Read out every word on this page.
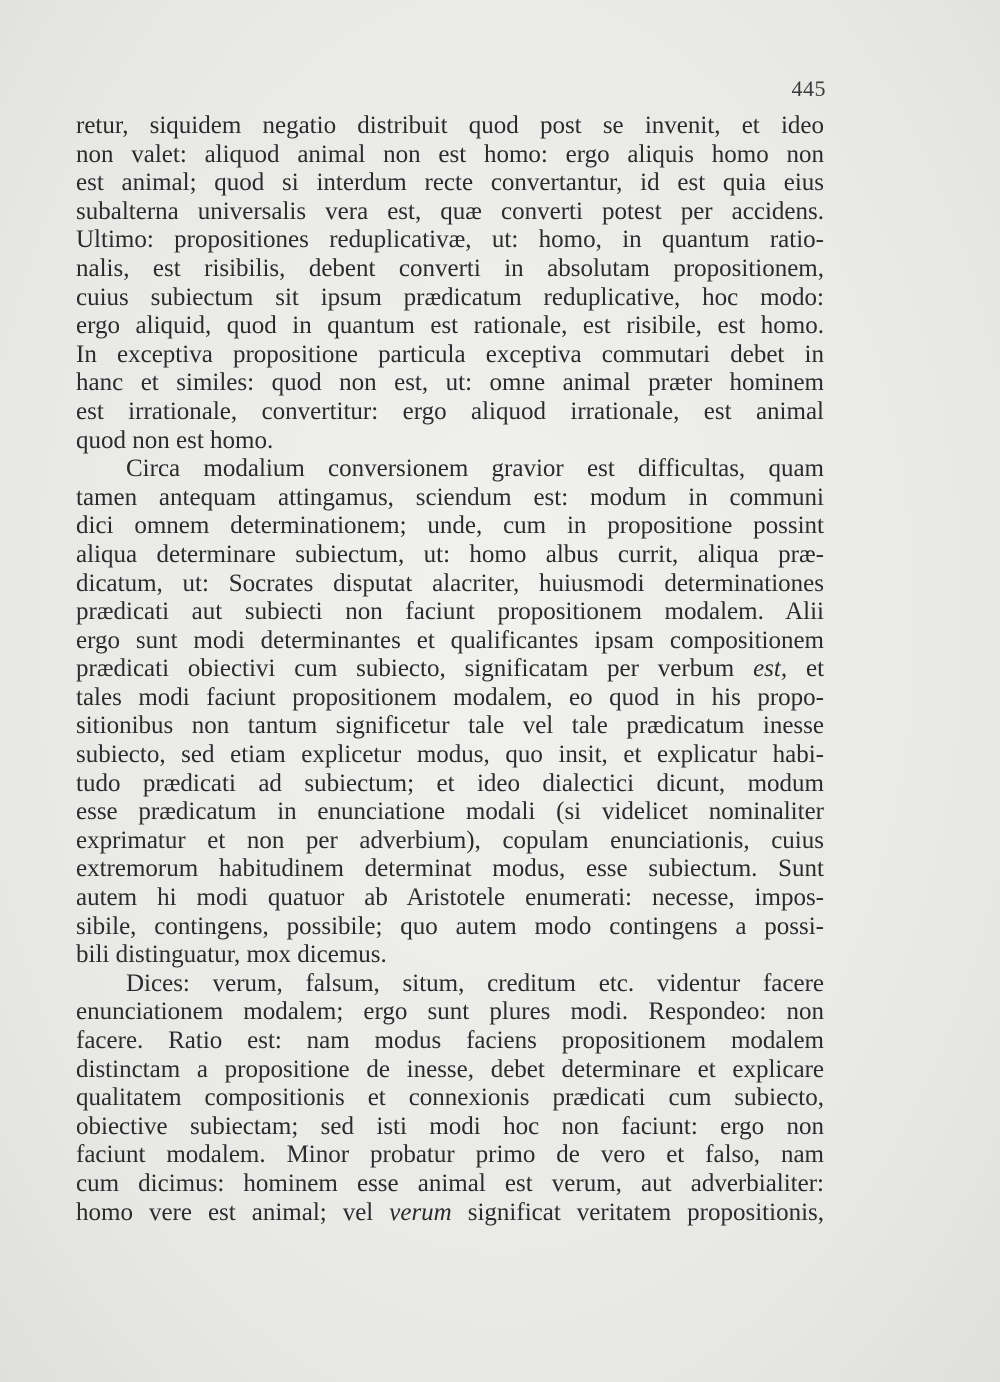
445
retur, siquidem negatio distribuit quod post se invenit, et ideo
non valet: aliquod animal non est homo: ergo aliquis homo non
est animal; quod si interdum recte convertantur, id est quia eius
subalterna universalis vera est, quæ converti potest per accidens.
Ultimo: propositiones reduplicativæ, ut: homo, in quantum ratio-
nalis, est risibilis, debent converti in absolutam propositionem,
cuius subiectum sit ipsum prædicatum reduplicative, hoc modo:
ergo aliquid, quod in quantum est rationale, est risibile, est homo.
In exceptiva propositione particula exceptiva commutari debet in
hanc et similes: quod non est, ut: omne animal præter hominem
est irrationale, convertitur: ergo aliquod irrationale, est animal
quod non est homo.
Circa modalium conversionem gravior est difficultas, quam
tamen antequam attingamus, sciendum est: modum in communi
dici omnem determinationem; unde, cum in propositione possint
aliqua determinare subiectum, ut: homo albus currit, aliqua præ-
dicatum, ut: Socrates disputat alacriter, huiusmodi determinationes
prædicati aut subiecti non faciunt propositionem modalem. Alii
ergo sunt modi determinantes et qualificantes ipsam compositionem
prædicati obiectivi cum subiecto, significatam per verbum est, et
tales modi faciunt propositionem modalem, eo quod in his propo-
sitionibus non tantum significetur tale vel tale prædicatum inesse
subiecto, sed etiam explicetur modus, quo insit, et explicatur habi-
tudo prædicati ad subiectum; et ideo dialectici dicunt, modum
esse prædicatum in enunciatione modali (si videlicet nominaliter
exprimatur et non per adverbium), copulam enunciationis, cuius
extremorum habitudinem determinat modus, esse subiectum. Sunt
autem hi modi quatuor ab Aristotele enumerati: necesse, impos-
sibile, contingens, possibile; quo autem modo contingens a possi-
bili distinguatur, mox dicemus.
Dices: verum, falsum, situm, creditum etc. videntur facere
enunciationem modalem; ergo sunt plures modi. Respondeo: non
facere. Ratio est: nam modus faciens propositionem modalem
distinctam a propositione de inesse, debet determinare et explicare
qualitatem compositionis et connexionis prædicati cum subiecto,
obiective subiectam; sed isti modi hoc non faciunt: ergo non
faciunt modalem. Minor probatur primo de vero et falso, nam
cum dicimus: hominem esse animal est verum, aut adverbialiter:
homo vere est animal; vel verum significat veritatem propositionis,
